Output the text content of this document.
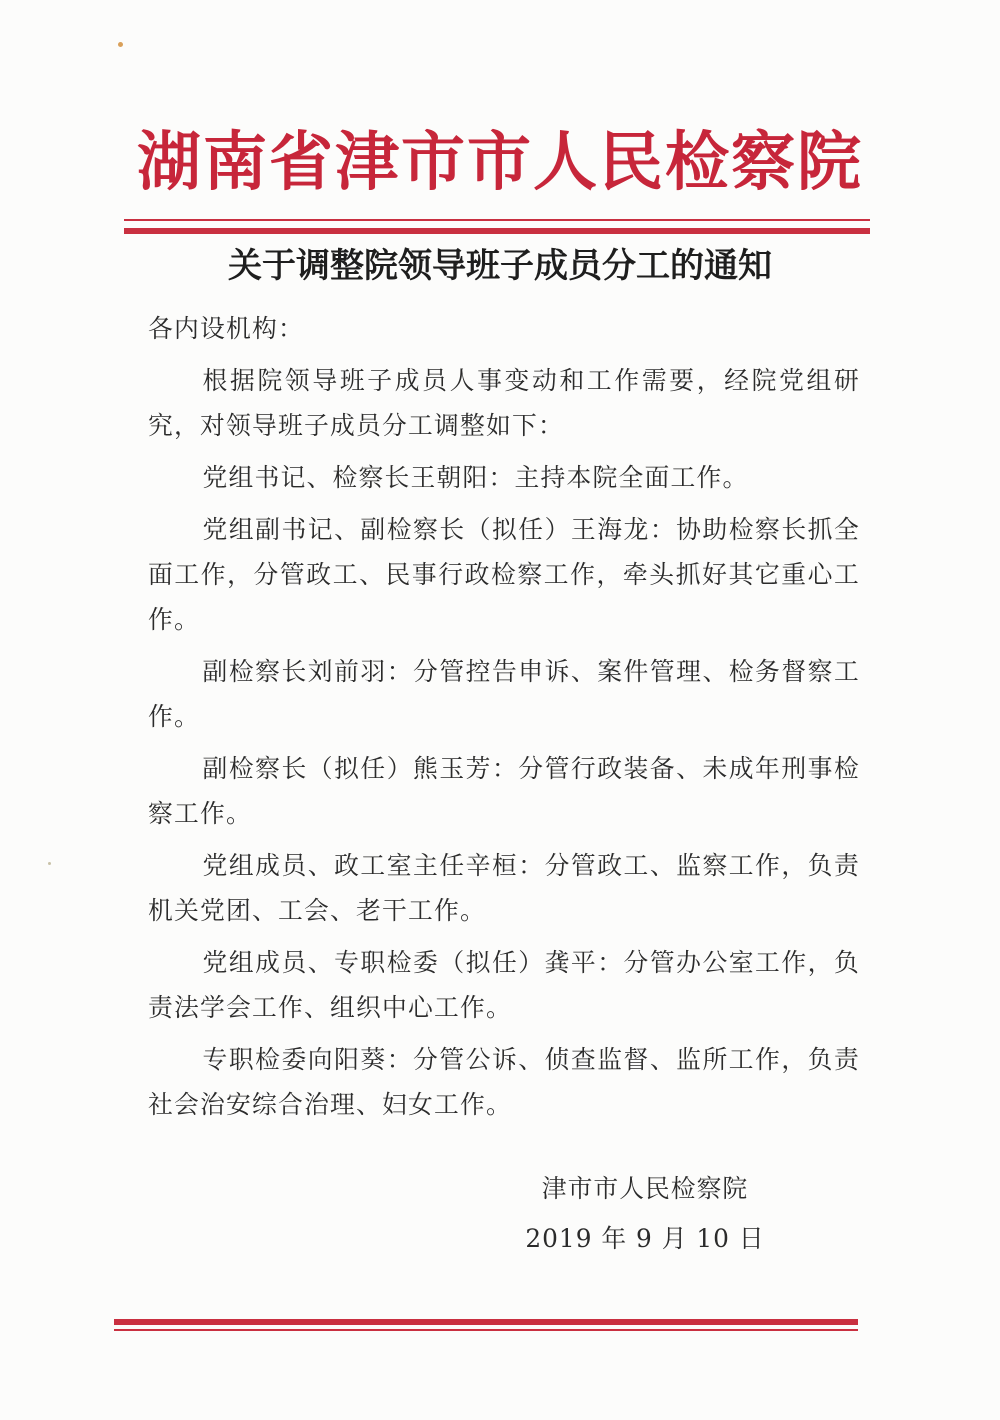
湖南省津市市人民检察院
关于调整院领导班子成员分工的通知

各内设机构：

根据院领导班子成员人事变动和工作需要，经院党组研究，对领导班子成员分工调整如下：

党组书记、检察长王朝阳：主持本院全面工作。

党组副书记、副检察长（拟任）王海龙：协助检察长抓全面工作，分管政工、民事行政检察工作，牵头抓好其它重心工作。

副检察长刘前羽：分管控告申诉、案件管理、检务督察工作。

副检察长（拟任）熊玉芳：分管行政装备、未成年刑事检察工作。

党组成员、政工室主任辛桓：分管政工、监察工作，负责机关党团、工会、老干工作。

党组成员、专职检委（拟任）龚平：分管办公室工作，负责法学会工作、组织中心工作。

专职检委向阳葵：分管公诉、侦查监督、监所工作，负责社会治安综合治理、妇女工作。

津市市人民检察院
2019 年 9 月 10 日
